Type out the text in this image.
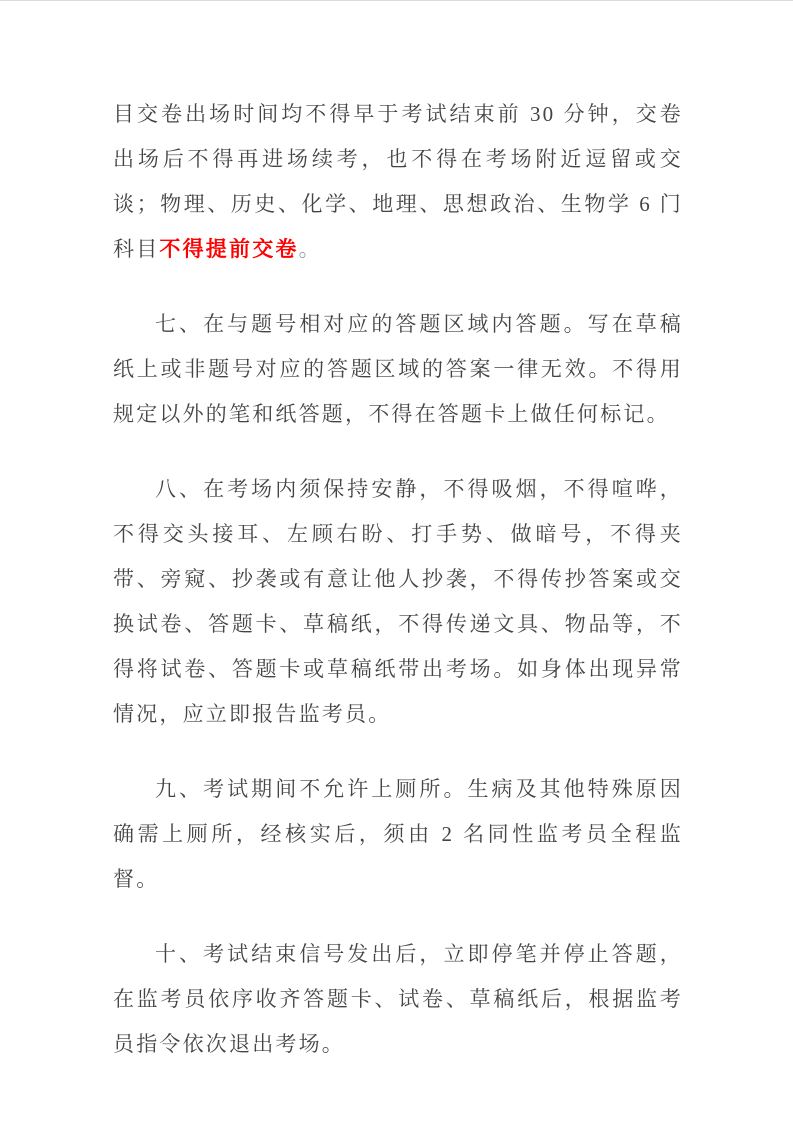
目交卷出场时间均不得早于考试结束前 30 分钟，交卷出场后不得再进场续考，也不得在考场附近逗留或交谈；物理、历史、化学、地理、思想政治、生物学 6 门科目不得提前交卷。

七、在与题号相对应的答题区域内答题。写在草稿纸上或非题号对应的答题区域的答案一律无效。不得用规定以外的笔和纸答题，不得在答题卡上做任何标记。

八、在考场内须保持安静，不得吸烟，不得喧哗，不得交头接耳、左顾右盼、打手势、做暗号，不得夹带、旁窥、抄袭或有意让他人抄袭，不得传抄答案或交换试卷、答题卡、草稿纸，不得传递文具、物品等，不得将试卷、答题卡或草稿纸带出考场。如身体出现异常情况，应立即报告监考员。

九、考试期间不允许上厕所。生病及其他特殊原因确需上厕所，经核实后，须由 2 名同性监考员全程监督。

十、考试结束信号发出后，立即停笔并停止答题，在监考员依序收齐答题卡、试卷、草稿纸后，根据监考员指令依次退出考场。
